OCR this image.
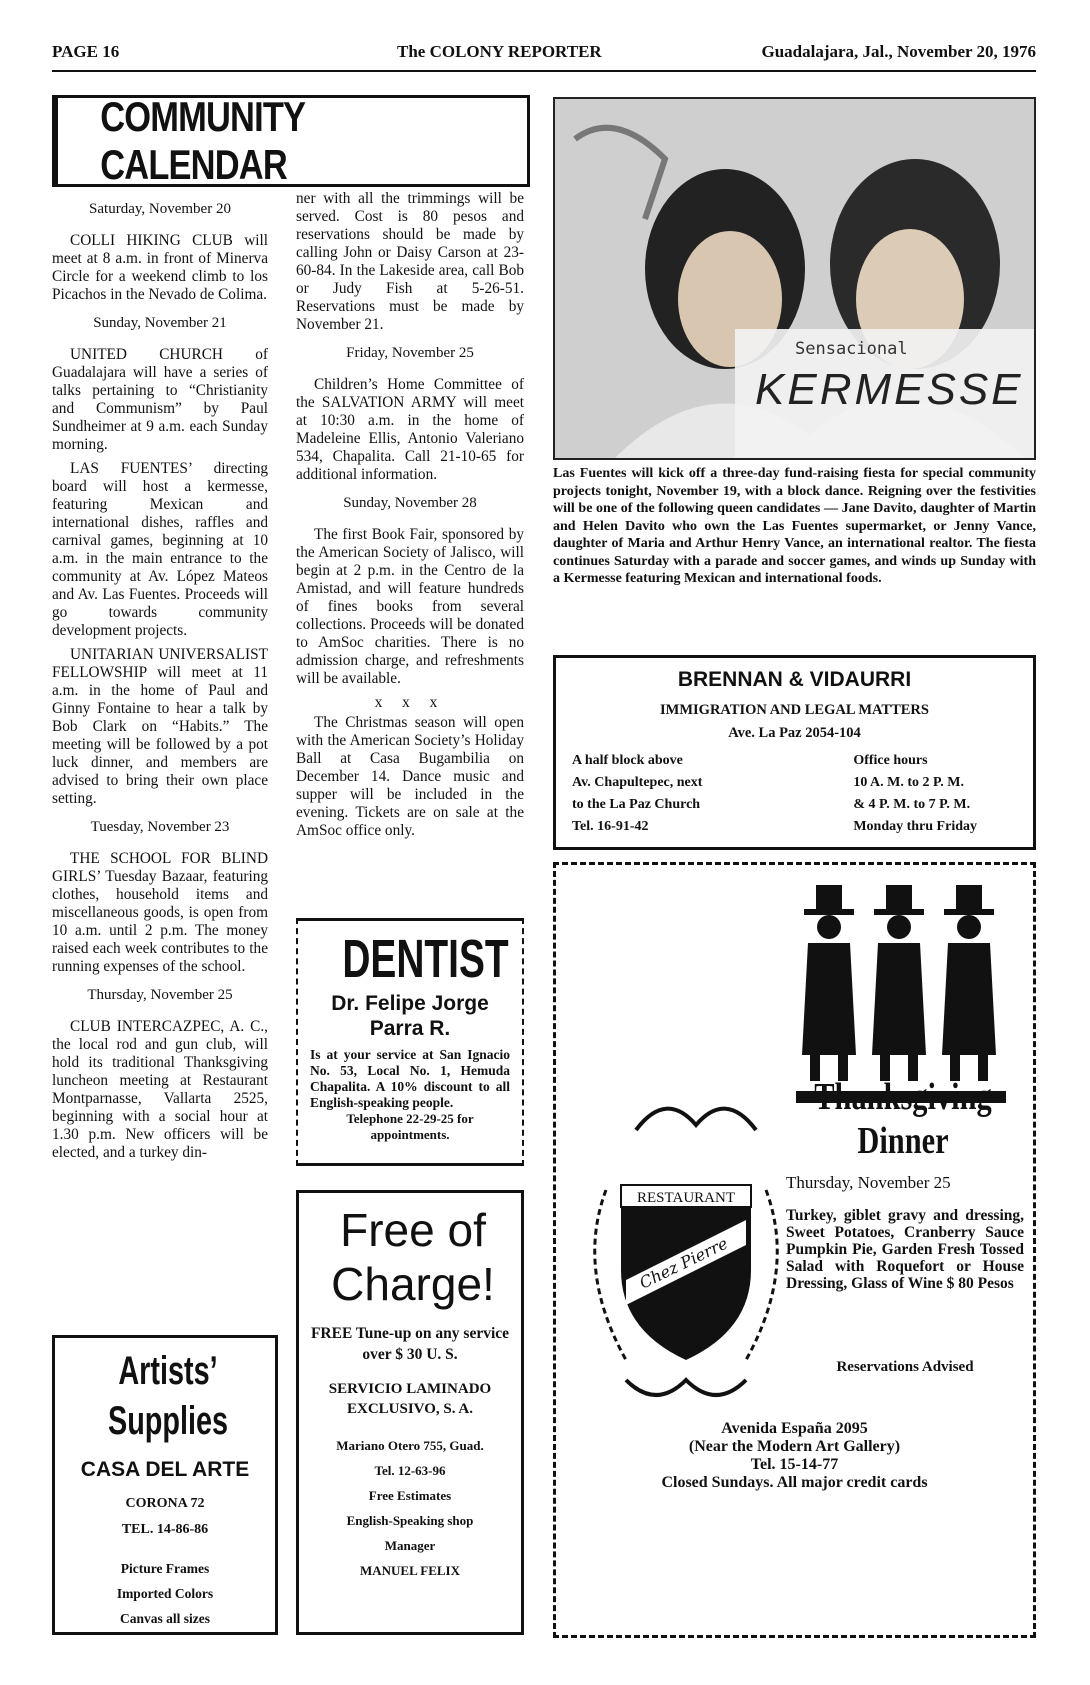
PAGE 16	The COLONY REPORTER	Guadalajara, Jal., November 20, 1976
COMMUNITY CALENDAR

Saturday, November 20

COLLI HIKING CLUB will meet at 8 a.m. in front of Minerva Circle for a weekend climb to los Picachos in the Nevado de Colima.

Sunday, November 21

UNITED CHURCH of Guadalajara will have a series of talks pertaining to “Christianity and Communism” by Paul Sundheimer at 9 a.m. each Sunday morning.

LAS FUENTES’ directing board will host a kermesse, featuring Mexican and international dishes, raffles and carnival games, beginning at 10 a.m. in the main entrance to the community at Av. López Mateos and Av. Las Fuentes. Proceeds will go towards community development projects.

UNITARIAN UNIVERSALIST FELLOWSHIP will meet at 11 a.m. in the home of Paul and Ginny Fontaine to hear a talk by Bob Clark on “Habits.” The meeting will be followed by a pot luck dinner, and members are advised to bring their own place setting.

Tuesday, November 23

THE SCHOOL FOR BLIND GIRLS’ Tuesday Bazaar, featuring clothes, household items and miscellaneous goods, is open from 10 a.m. until 2 p.m. The money raised each week contributes to the running expenses of the school.

Thursday, November 25

CLUB INTERCAZPEC, A. C., the local rod and gun club, will hold its traditional Thanksgiving luncheon meeting at Restaurant Montparnasse, Vallarta 2525, beginning with a social hour at 1.30 p.m. New officers will be elected, and a turkey din-

ner with all the trimmings will be served. Cost is 80 pesos and reservations should be made by calling John or Daisy Carson at 23-60-84. In the Lakeside area, call Bob or Judy Fish at 5-26-51. Reservations must be made by November 21.

Friday, November 25

Children’s Home Committee of the SALVATION ARMY will meet at 10:30 a.m. in the home of Madeleine Ellis, Antonio Valeriano 534, Chapalita. Call 21-10-65 for additional information.

Sunday, November 28

The first Book Fair, sponsored by the American Society of Jalisco, will begin at 2 p.m. in the Centro de la Amistad, and will feature hundreds of fines books from several collections. Proceeds will be donated to AmSoc charities. There is no admission charge, and refreshments will be available.

x x x

The Christmas season will open with the American Society’s Holiday Ball at Casa Bugambilia on December 14. Dance music and supper will be included in the evening. Tickets are on sale at the AmSoc office only.

DENTIST
Dr. Felipe Jorge Parra R.
Is at your service at San Ignacio No. 53, Local No. 1, Hemuda Chapalita. A 10% discount to all English-speaking people.
Telephone 22-29-25 for appointments.
Artists’ Supplies
CASA DEL ARTE
CORONA 72
TEL. 14-86-86
Picture Frames
Imported Colors
Canvas all sizes
Free of Charge!
FREE Tune-up on any service over $ 30 U. S.
SERVICIO LAMINADO EXCLUSIVO, S. A.
Mariano Otero 755, Guad.
Tel. 12-63-96
Free Estimates
English-Speaking shop
Manager
MANUEL FELIX
Sensacional
KERMESSE
Las Fuentes will kick off a three-day fund-raising fiesta for special community projects tonight, November 19, with a block dance. Reigning over the festivities will be one of the following queen candidates — Jane Davito, daughter of Martin and Helen Davito who own the Las Fuentes supermarket, or Jenny Vance, daughter of Maria and Arthur Henry Vance, an international realtor. The fiesta continues Saturday with a parade and soccer games, and winds up Sunday with a Kermesse featuring Mexican and international foods.
BRENNAN & VIDAURRI
IMMIGRATION AND LEGAL MATTERS
Ave. La Paz 2054-104
A half block above
Av. Chapultepec, next
to the La Paz Church
Tel. 16-91-42
Office hours
10 A. M. to 2 P. M.
& 4 P. M. to 7 P. M.
Monday thru Friday
RESTAURANT
Chez Pierre
Thanksgiving Dinner
Thursday, November 25
Turkey, giblet gravy and dressing, Sweet Potatoes, Cranberry Sauce Pumpkin Pie, Garden Fresh Tossed Salad with Roquefort or House Dressing, Glass of Wine $ 80 Pesos
Reservations Advised
Avenida España 2095
(Near the Modern Art Gallery)
Tel. 15-14-77
Closed Sundays. All major credit cards
